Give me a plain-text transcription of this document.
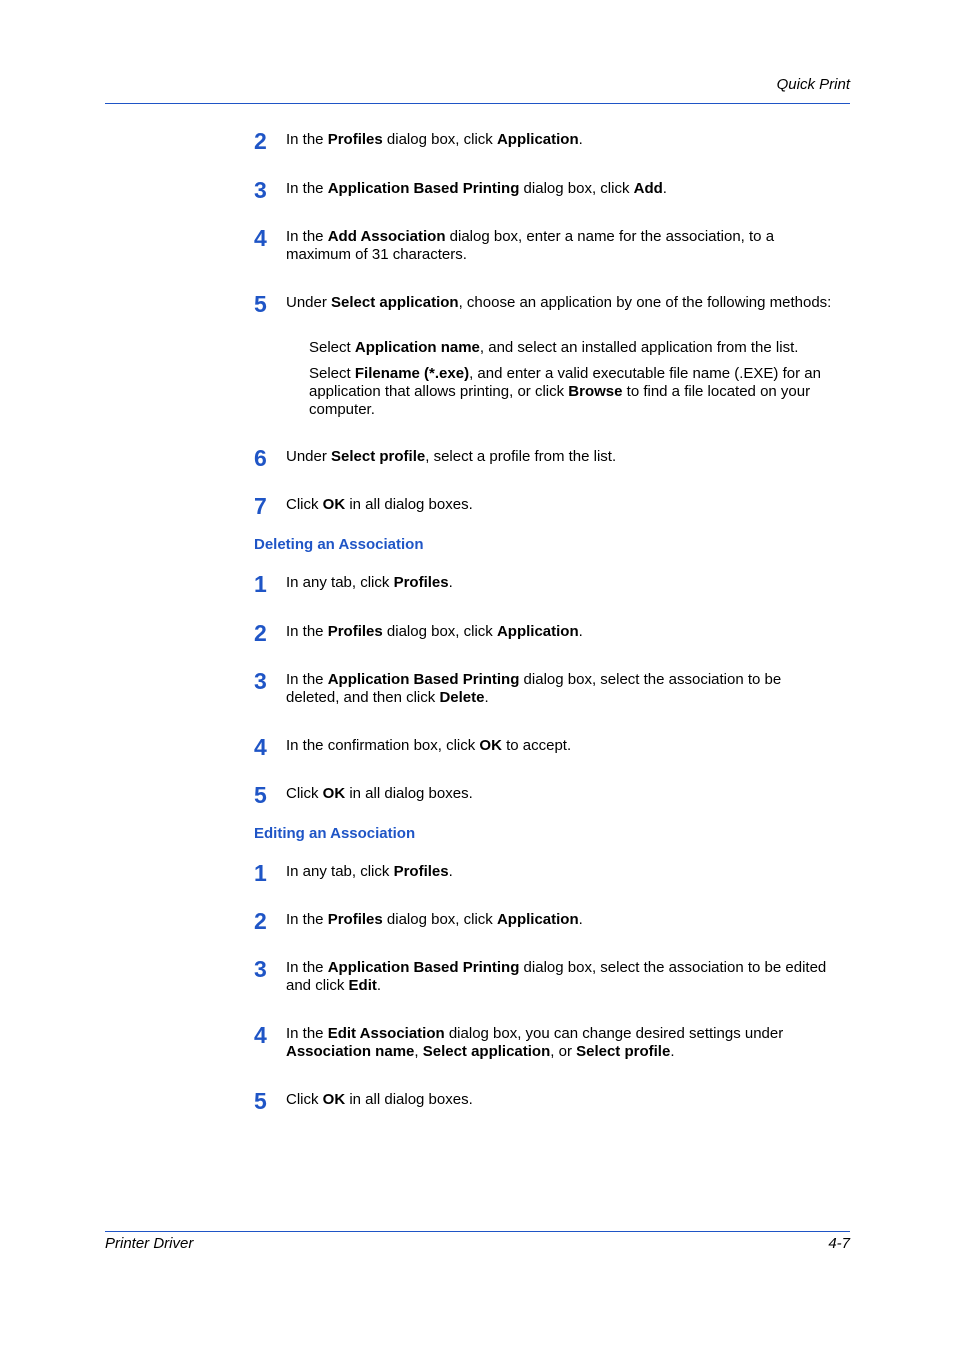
Quick Print
2	In the Profiles dialog box, click Application.
3	In the Application Based Printing dialog box, click Add.
4	In the Add Association dialog box, enter a name for the association, to a maximum of 31 characters.
5	Under Select application, choose an application by one of the following methods:
Select Application name, and select an installed application from the list.
Select Filename (*.exe), and enter a valid executable file name (.EXE) for an application that allows printing, or click Browse to find a file located on your computer.
6	Under Select profile, select a profile from the list.
7	Click OK in all dialog boxes.
Deleting an Association
1	In any tab, click Profiles.
2	In the Profiles dialog box, click Application.
3	In the Application Based Printing dialog box, select the association to be deleted, and then click Delete.
4	In the confirmation box, click OK to accept.
5	Click OK in all dialog boxes.
Editing an Association
1	In any tab, click Profiles.
2	In the Profiles dialog box, click Application.
3	In the Application Based Printing dialog box, select the association to be edited and click Edit.
4	In the Edit Association dialog box, you can change desired settings under Association name, Select application, or Select profile.
5	Click OK in all dialog boxes.
Printer Driver	4-7
